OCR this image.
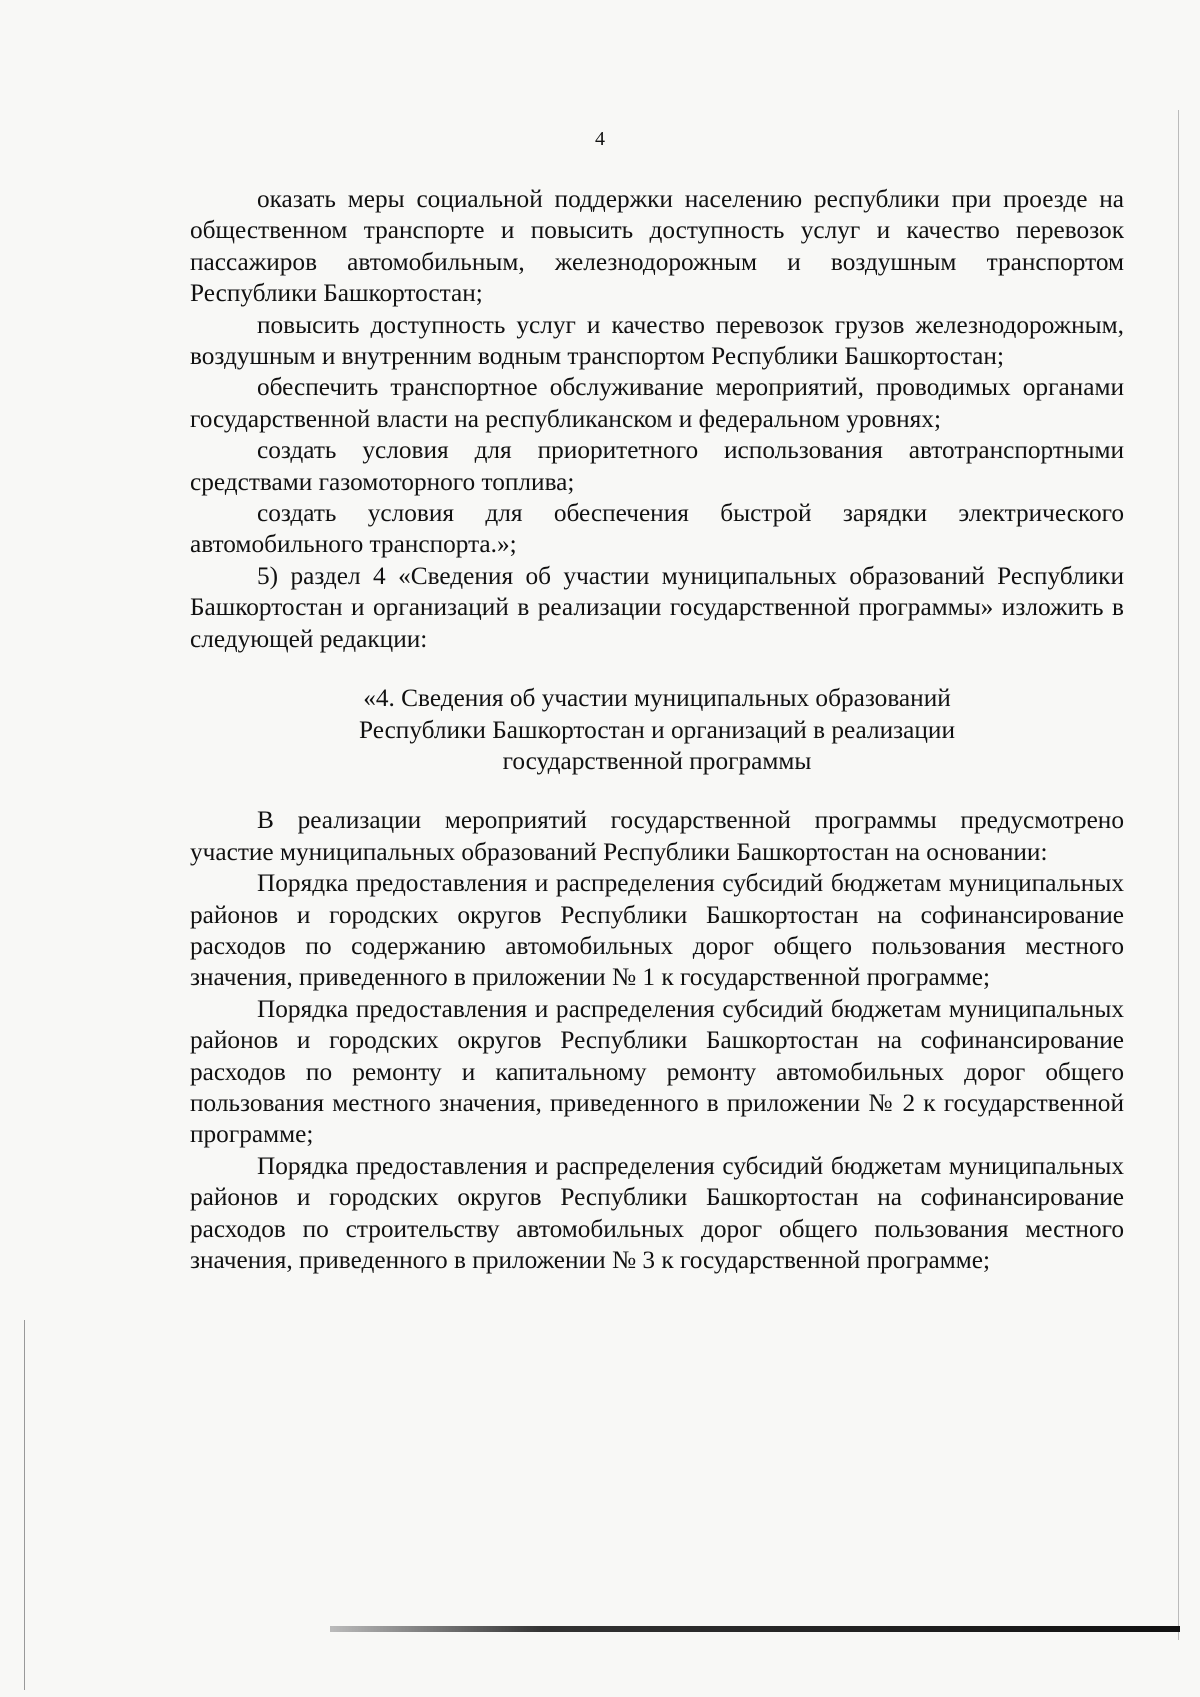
4

оказать меры социальной поддержки населению республики при проезде на общественном транспорте и повысить доступность услуг и качество перевозок пассажиров автомобильным, железнодорожным и воздушным транспортом Республики Башкортостан;

повысить доступность услуг и качество перевозок грузов железнодорожным, воздушным и внутренним водным транспортом Республики Башкортостан;

обеспечить транспортное обслуживание мероприятий, проводимых органами государственной власти на республиканском и федеральном уровнях;

создать условия для приоритетного использования автотранспортными средствами газомоторного топлива;

создать условия для обеспечения быстрой зарядки электрического автомобильного транспорта.»;

5) раздел 4 «Сведения об участии муниципальных образований Республики Башкортостан и организаций в реализации государственной программы» изложить в следующей редакции:

«4. Сведения об участии муниципальных образований
Республики Башкортостан и организаций в реализации
государственной программы

В реализации мероприятий государственной программы предусмотрено участие муниципальных образований Республики Башкортостан на основании:

Порядка предоставления и распределения субсидий бюджетам муниципальных районов и городских округов Республики Башкортостан на софинансирование расходов по содержанию автомобильных дорог общего пользования местного значения, приведенного в приложении № 1 к государственной программе;

Порядка предоставления и распределения субсидий бюджетам муниципальных районов и городских округов Республики Башкортостан на софинансирование расходов по ремонту и капитальному ремонту автомобильных дорог общего пользования местного значения, приведенного в приложении № 2 к государственной программе;

Порядка предоставления и распределения субсидий бюджетам муниципальных районов и городских округов Республики Башкортостан на софинансирование расходов по строительству автомобильных дорог общего пользования местного значения, приведенного в приложении № 3 к государственной программе;
